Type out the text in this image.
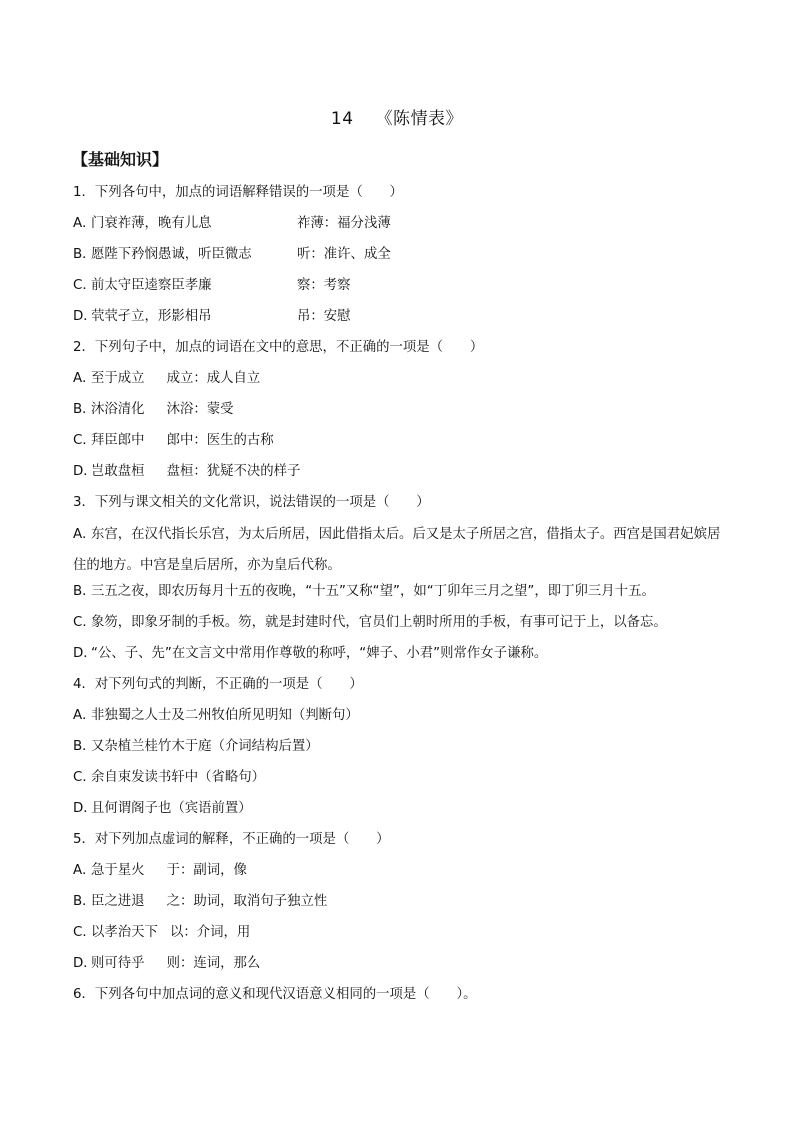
14 《陈情表》
【基础知识】
1．下列各句中，加点的词语解释错误的一项是（　　）
A．门衰祚薄，晚有儿息	祚薄：福分浅薄
B．愿陛下矜悯愚诚，听臣微志	听：准许、成全
C．前太守臣逵察臣孝廉	察：考察
D．茕茕孑立，形影相吊	吊：安慰
2．下列句子中，加点的词语在文中的意思，不正确的一项是（　　）
A．至于成立 成立：成人自立
B．沐浴清化 沐浴：蒙受
C．拜臣郎中 郎中：医生的古称
D．岂敢盘桓 盘桓：犹疑不决的样子
3．下列与课文相关的文化常识，说法错误的一项是（　　）
A．东宫，在汉代指长乐宫，为太后所居，因此借指太后。后又是太子所居之宫，借指太子。西宫是国君妃嫔居住的地方。中宫是皇后居所，亦为皇后代称。
B．三五之夜，即农历每月十五的夜晚，“十五”又称“望”，如“丁卯年三月之望”，即丁卯三月十五。
C．象笏，即象牙制的手板。笏，就是封建时代，官员们上朝时所用的手板，有事可记于上，以备忘。
D．“公、子、先”在文言文中常用作尊敬的称呼，“婢子、小君”则常作女子谦称。
4．对下列句式的判断，不正确的一项是（　　）
A．非独蜀之人士及二州牧伯所见明知（判断句）
B．又杂植兰桂竹木于庭（介词结构后置）
C．余自束发读书轩中（省略句）
D．且何谓阁子也（宾语前置）
5．对下列加点虚词的解释，不正确的一项是（　　）
A．急于星火 于：副词，像
B．臣之进退 之：助词，取消句子独立性
C．以孝治天下 以：介词，用
D．则可待乎 则：连词，那么
6．下列各句中加点词的意义和现代汉语意义相同的一项是（　　）。
